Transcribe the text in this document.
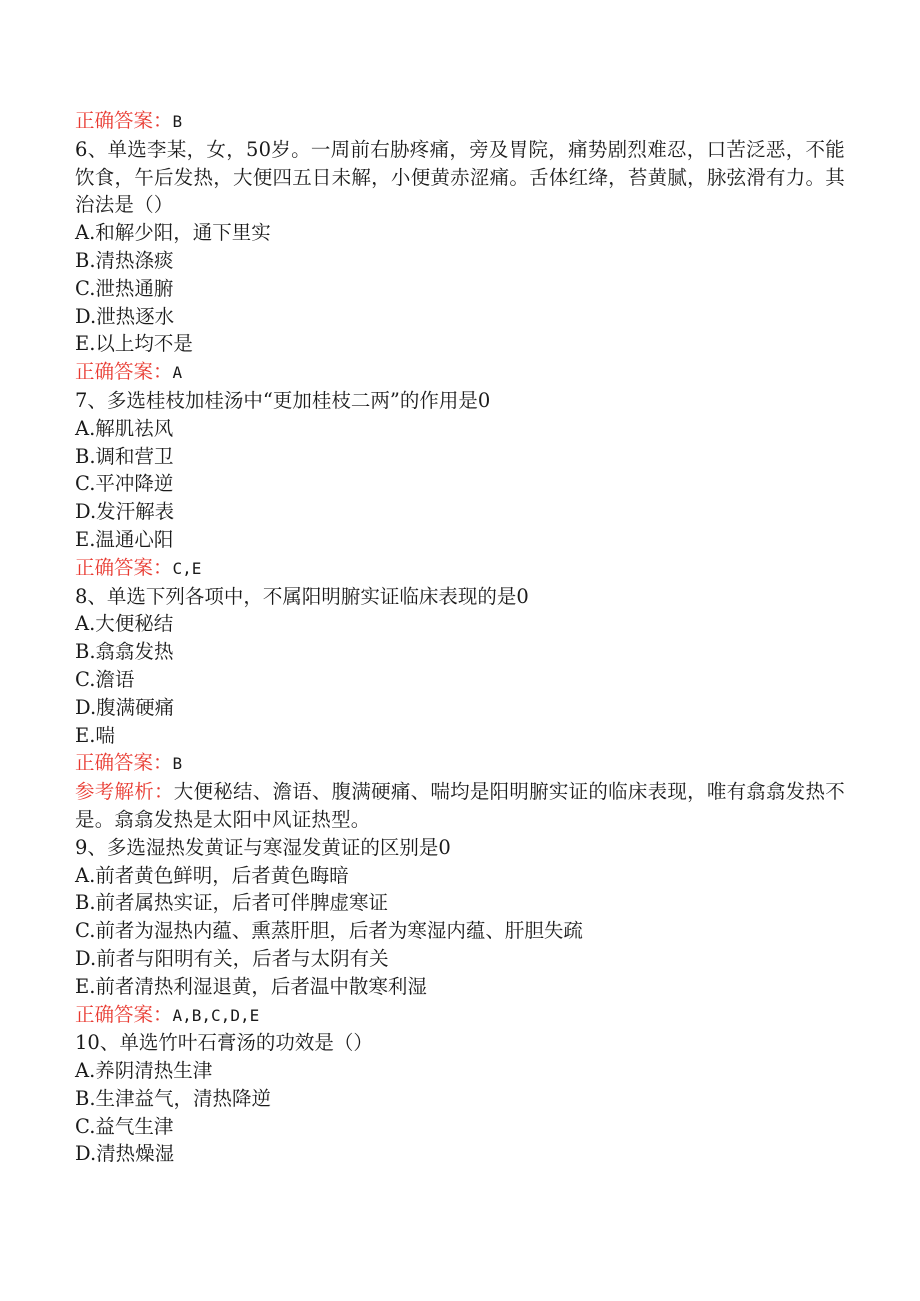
正确答案：B
6、单选李某，女，50岁。一周前右胁疼痛，旁及胃院，痛势剧烈难忍，口苦泛恶，不能饮食，午后发热，大便四五日未解，小便黄赤涩痛。舌体红绛，苔黄腻，脉弦滑有力。其治法是（）
A.和解少阳，通下里实
B.清热涤痰
C.泄热通腑
D.泄热逐水
E.以上均不是
正确答案：A
7、多选桂枝加桂汤中“更加桂枝二两”的作用是0
A.解肌祛风
B.调和营卫
C.平冲降逆
D.发汗解表
E.温通心阳
正确答案：C,E
8、单选下列各项中，不属阳明腑实证临床表现的是0
A.大便秘结
B.翕翕发热
C.澹语
D.腹满硬痛
E.喘
正确答案：B
参考解析：大便秘结、澹语、腹满硬痛、喘均是阳明腑实证的临床表现，唯有翕翕发热不是。翕翕发热是太阳中风证热型。
9、多选湿热发黄证与寒湿发黄证的区别是0
A.前者黄色鲜明，后者黄色晦暗
B.前者属热实证，后者可伴脾虚寒证
C.前者为湿热内蕴、熏蒸肝胆，后者为寒湿内蕴、肝胆失疏
D.前者与阳明有关，后者与太阴有关
E.前者清热利湿退黄，后者温中散寒利湿
正确答案：A,B,C,D,E
10、单选竹叶石膏汤的功效是（）
A.养阴清热生津
B.生津益气，清热降逆
C.益气生津
D.清热燥湿
